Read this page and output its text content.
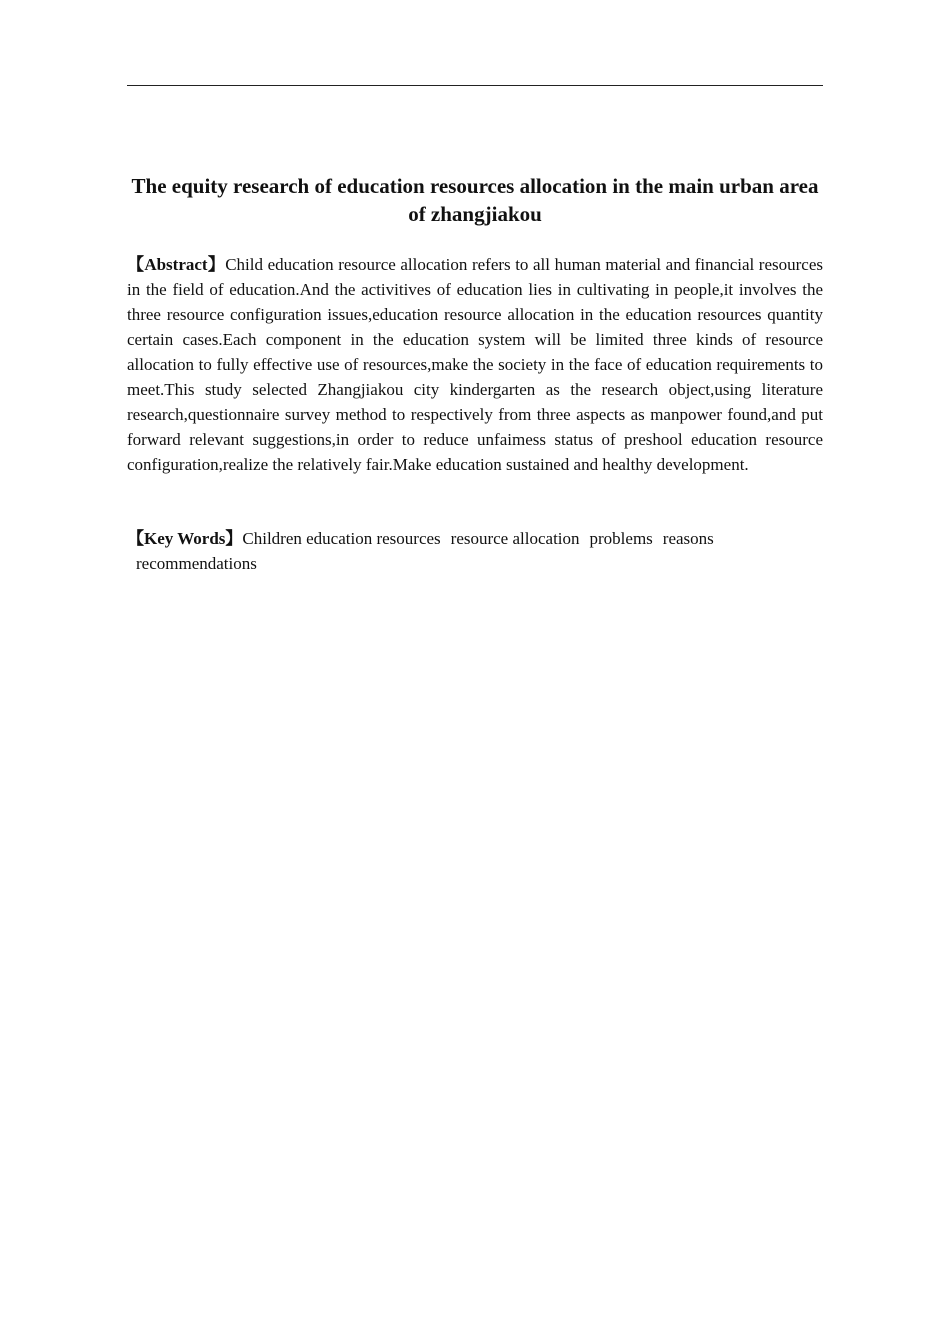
The equity research of education resources allocation in the main urban area of zhangjiakou

【Abstract】Child education resource allocation refers to all human material and financial resources in the field of education.And the activitives of education lies in cultivating in people,it involves the three resource configuration issues,education resource allocation in the education resources quantity certain cases.Each component in the education system will be limited three kinds of resource allocation to fully effective use of resources,make the society in the face of education requirements to meet.This study selected Zhangjiakou city kindergarten as the research object,using literature research,questionnaire survey method to respectively from three aspects as manpower found,and put forward relevant suggestions,in order to reduce unfaimess status of preshool education resource configuration,realize the relatively fair.Make education sustained and healthy development.

【Key Words】Children education resources resource allocation problems reasons
recommendations
